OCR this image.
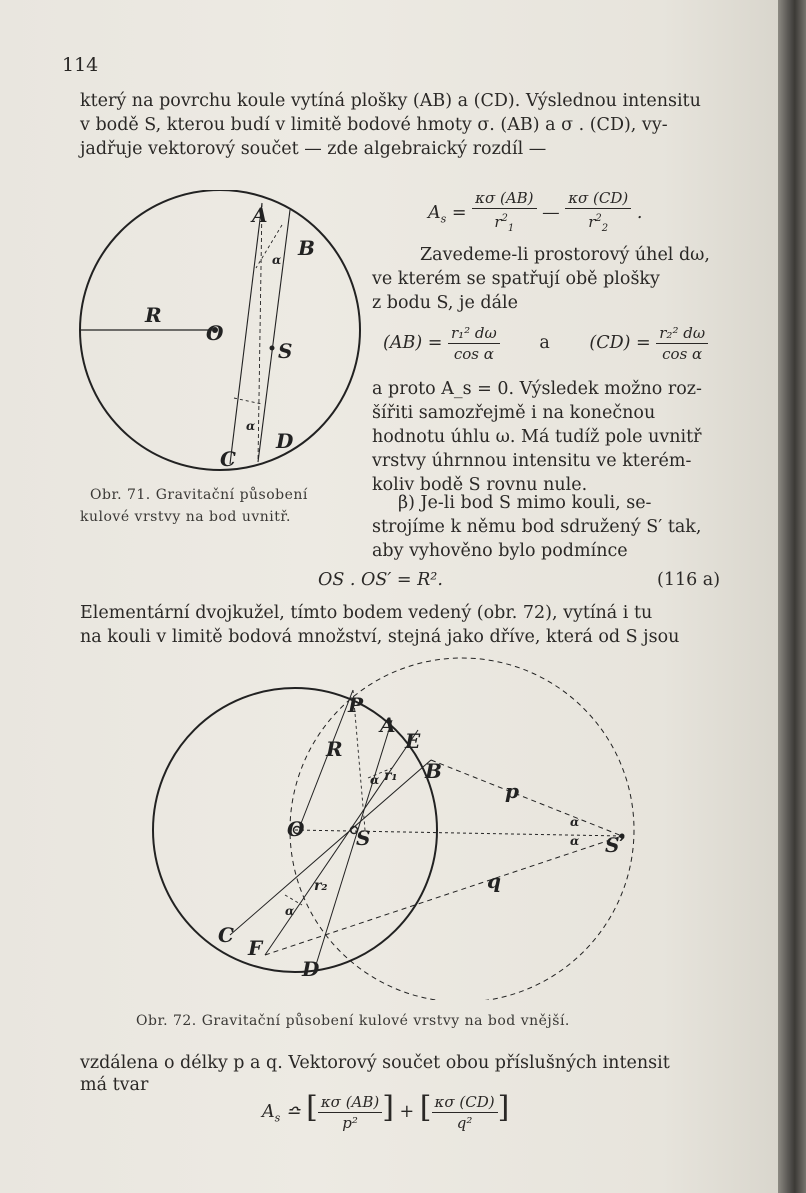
114
který na povrchu koule vytíná plošky (AB) a (CD). Výslednou intensitu
v bodě S, kterou budí v limitě bodové hmoty σ. (AB) a σ . (CD), vy-
jadřuje vektorový součet — zde algebraický rozdíl —
$A_s = \frac{\kappa\sigma (AB)}{r^2_1}$ — $\frac{\kappa\sigma (CD)}{r^2_2}$ .
Zavedeme-li prostorový úhel dω,
ve kterém se spatřují obě plošky
z bodu S, je dále
$(AB) = \frac{\text{r₁² dω}}{\text{cos α}}$ a $(CD) = \frac{\text{r₂² dω}}{\text{cos α}}$
a proto A_s = 0. Výsledek možno roz-
šířiti samozřejmě i na konečnou
hodnotu úhlu ω. Má tudíž pole uvnitř
vrstvy úhrnnou intensitu ve kterém-
koliv bodě S rovnu nule.
β) Je-li bod S mimo kouli, se-
strojíme k němu bod sdružený S′ tak,
aby vyhověno bylo podmínce
Obr. 71. Gravitační působení
kulové vrstvy na bod uvnitř.
OS . OS′ = R².	(116 a)
Elementární dvojkužel, tímto bodem vedený (obr. 72), vytíná i tu
na kouli v limitě bodová množství, stejná jako dříve, která od S jsou
A
B
C
D
R
O
S
α
α
P
A
E
B
R
O	S	S′
p
q
C
F
D
r₁
r₂
α
α
α
α
Obr. 72. Gravitační působení kulové vrstvy na bod vnější.
vzdálena o délky p a q. Vektorový součet obou příslušných intensit
má tvar
$A_s$ ≏ [ $\frac{\kappa\sigma (AB)}{\text{p²}}$ ] + [ $\frac{\kappa\sigma (CD)}{\text{q²}}$ ]
